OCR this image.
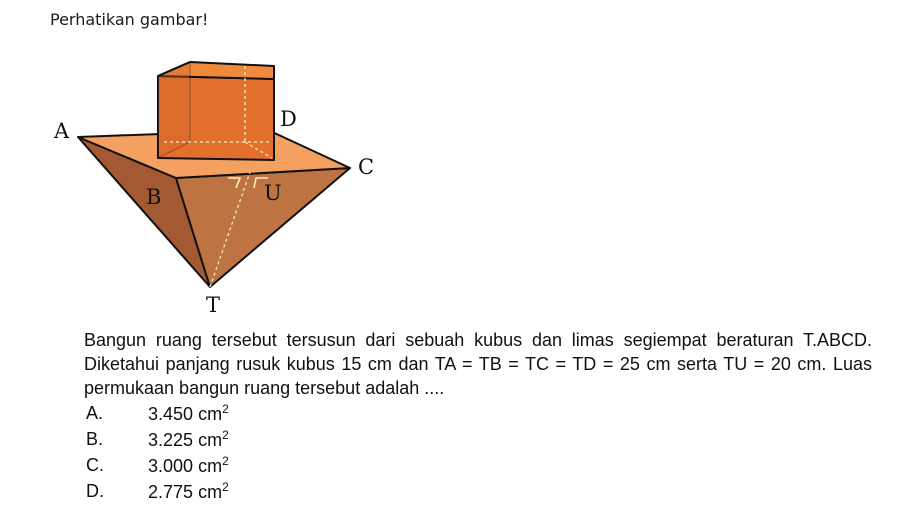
Perhatikan gambar!
A
B
C
D
U
T
Bangun ruang tersebut tersusun dari sebuah kubus dan limas segiempat beraturan T.ABCD. Diketahui panjang rusuk kubus 15 cm dan TA = TB = TC = TD = 25 cm serta TU = 20 cm. Luas permukaan bangun ruang tersebut adalah ....
A.	3.450 $cm^2$
B.	3.225 $cm^2$
C.	3.000 $cm^2$
D.	2.775 $cm^2$
